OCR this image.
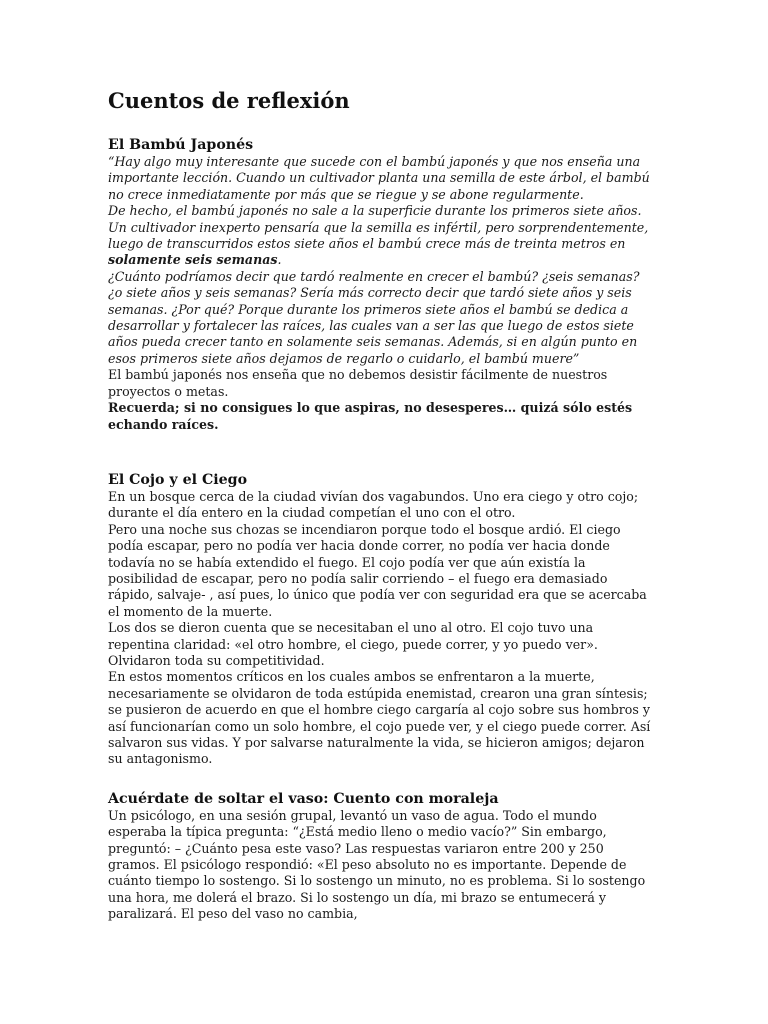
Cuentos de reflexión
El Bambú Japonés

“Hay algo muy interesante que sucede con el bambú japonés y que nos enseña una importante lección. Cuando un cultivador planta una semilla de este árbol, el bambú no crece inmediatamente por más que se riegue y se abone regularmente.

De hecho, el bambú japonés no sale a la superficie durante los primeros siete años. Un cultivador inexperto pensaría que la semilla es infértil, pero sorprendentemente, luego de transcurridos estos siete años el bambú crece más de treinta metros en solamente seis semanas.

¿Cuánto podríamos decir que tardó realmente en crecer el bambú? ¿seis semanas? ¿o siete años y seis semanas? Sería más correcto decir que tardó siete años y seis semanas. ¿Por qué? Porque durante los primeros siete años el bambú se dedica a desarrollar y fortalecer las raíces, las cuales van a ser las que luego de estos siete años pueda crecer tanto en solamente seis semanas. Además, si en algún punto en esos primeros siete años dejamos de regarlo o cuidarlo, el bambú muere”

El bambú japonés nos enseña que no debemos desistir fácilmente de nuestros proyectos o metas.

Recuerda; si no consigues lo que aspiras, no desesperes… quizá sólo estés echando raíces.

El Cojo y el Ciego

En un bosque cerca de la ciudad vivían dos vagabundos. Uno era ciego y otro cojo; durante el día entero en la ciudad competían el uno con el otro.

Pero una noche sus chozas se incendiaron porque todo el bosque ardió. El ciego podía escapar, pero no podía ver hacia donde correr, no podía ver hacia donde todavía no se había extendido el fuego. El cojo podía ver que aún existía la posibilidad de escapar, pero no podía salir corriendo – el fuego era demasiado rápido, salvaje- , así pues, lo único que podía ver con seguridad era que se acercaba el momento de la muerte.

Los dos se dieron cuenta que se necesitaban el uno al otro. El cojo tuvo una repentina claridad: «el otro hombre, el ciego, puede correr, y yo puedo ver». Olvidaron toda su competitividad.

En estos momentos críticos en los cuales ambos se enfrentaron a la muerte, necesariamente se olvidaron de toda estúpida enemistad, crearon una gran síntesis; se pusieron de acuerdo en que el hombre ciego cargaría al cojo sobre sus hombros y así funcionarían como un solo hombre, el cojo puede ver, y el ciego puede correr. Así salvaron sus vidas. Y por salvarse naturalmente la vida, se hicieron amigos; dejaron su antagonismo.

Acuérdate de soltar el vaso: Cuento con moraleja

Un psicólogo, en una sesión grupal, levantó un vaso de agua. Todo el mundo esperaba la típica pregunta: “¿Está medio lleno o medio vacío?” Sin embargo, preguntó: – ¿Cuánto pesa este vaso? Las respuestas variaron entre 200 y 250 gramos. El psicólogo respondió: «El peso absoluto no es importante. Depende de cuánto tiempo lo sostengo. Si lo sostengo un minuto, no es problema. Si lo sostengo una hora, me dolerá el brazo. Si lo sostengo un día, mi brazo se entumecerá y paralizará. El peso del vaso no cambia,
